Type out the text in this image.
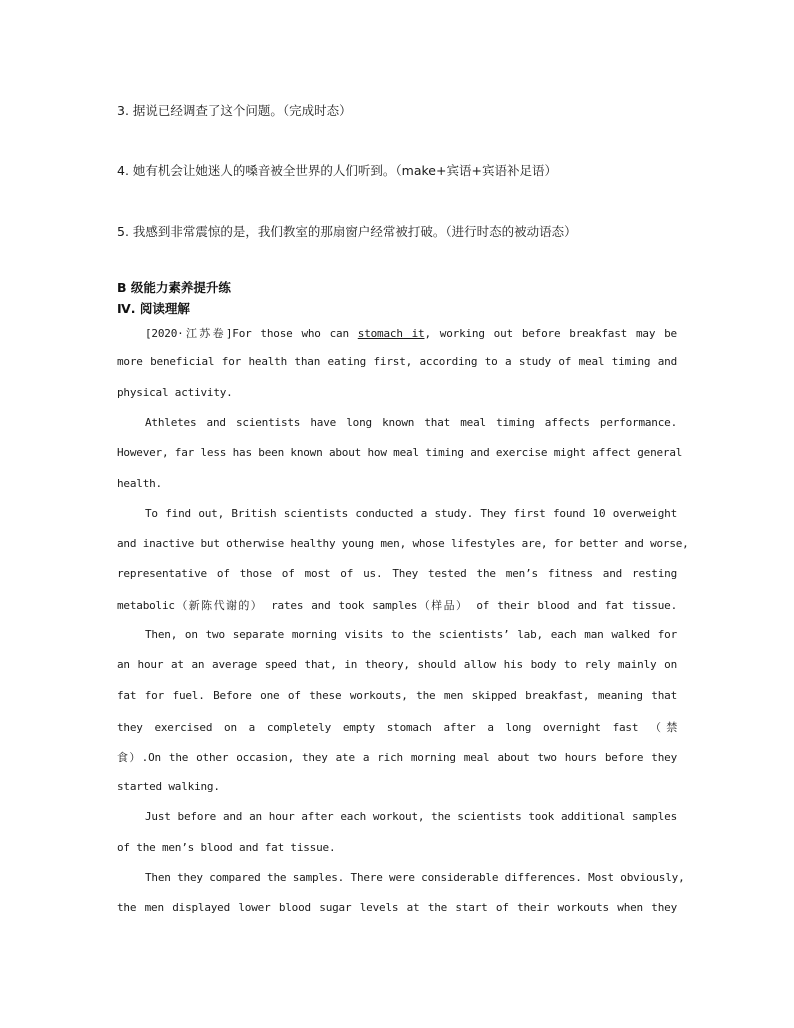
3. 据说已经调查了这个问题。（完成时态）
4. 她有机会让她迷人的嗓音被全世界的人们听到。（make+宾语+宾语补足语）
5. 我感到非常震惊的是，我们教室的那扇窗户经常被打破。（进行时态的被动语态）
B 级能力素养提升练
Ⅳ. 阅读理解
[2020·江苏卷]For those who can stomach it, working out before breakfast may be
more beneficial for health than eating first, according to a study of meal timing and
physical activity.
Athletes and scientists have long known that meal timing affects performance.
However, far less has been known about how meal timing and exercise might affect general
health.
To find out, British scientists conducted a study. They first found 10 overweight
and inactive but otherwise healthy young men, whose lifestyles are, for better and worse,
representative of those of most of us. They tested the men’s fitness and resting
metabolic（新陈代谢的） rates and took samples（样品） of their blood and fat tissue.
Then, on two separate morning visits to the scientists’ lab, each man walked for
an hour at an average speed that, in theory, should allow his body to rely mainly on
fat for fuel. Before one of these workouts, the men skipped breakfast, meaning that
they exercised on a completely empty stomach after a long overnight fast （禁
食）.On the other occasion, they ate a rich morning meal about two hours before they
started walking.
Just before and an hour after each workout, the scientists took additional samples
of the men’s blood and fat tissue.
Then they compared the samples. There were considerable differences. Most obviously,
the men displayed lower blood sugar levels at the start of their workouts when they
